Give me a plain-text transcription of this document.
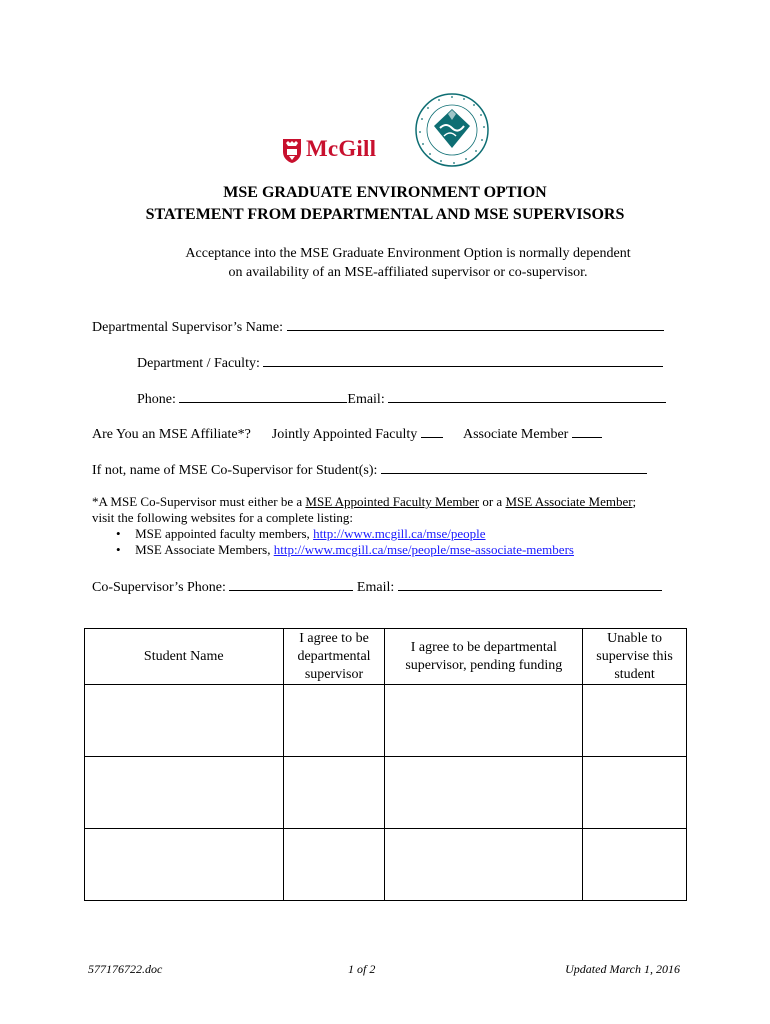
McGill
MSE GRADUATE ENVIRONMENT OPTION
STATEMENT FROM DEPARTMENTAL AND MSE SUPERVISORS
Acceptance into the MSE Graduate Environment Option is normally dependent
on availability of an MSE-affiliated supervisor or co-supervisor.
Departmental Supervisor’s Name:
Department / Faculty:
Phone:	Email:
Are You an MSE Affiliate*? Jointly Appointed Faculty	Associate Member
If not, name of MSE Co-Supervisor for Student(s):
*A MSE Co-Supervisor must either be a MSE Appointed Faculty Member or a MSE Associate Member;
visit the following websites for a complete listing:
• MSE appointed faculty members, http://www.mcgill.ca/mse/people
• MSE Associate Members, http://www.mcgill.ca/mse/people/mse-associate-members
Co-Supervisor’s Phone:	Email:
Student Name	I agree to be departmental supervisor	I agree to be departmental supervisor, pending funding	Unable to supervise this student

577176722.doc	1 of 2	Updated March 1, 2016
